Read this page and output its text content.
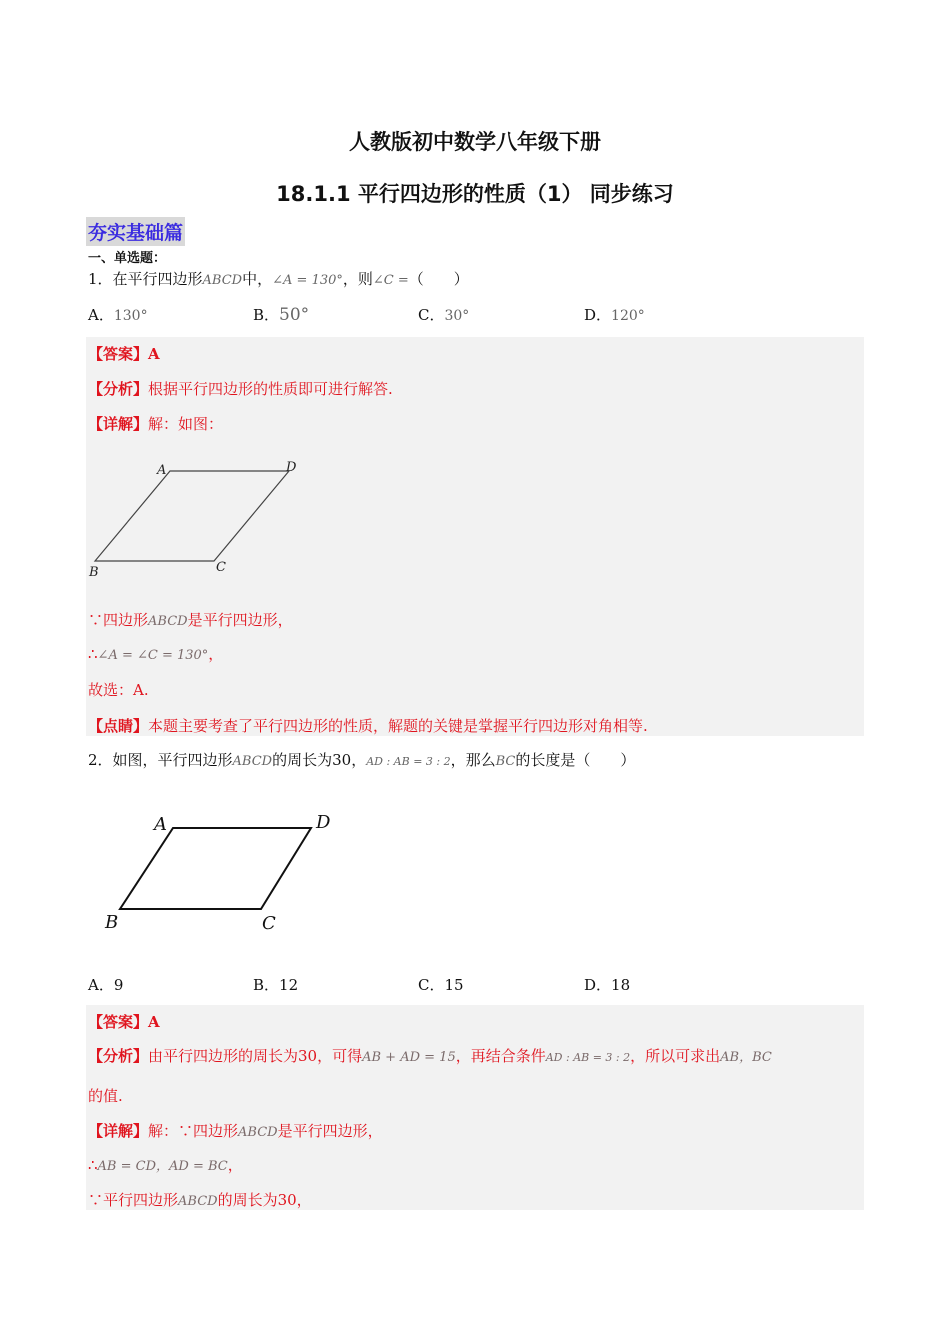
人教版初中数学八年级下册
18.1.1 平行四边形的性质（1） 同步练习
夯实基础篇
一、单选题：
1．在平行四边形ABCD中，∠A = 130°，则∠C =（　　）
A．130°	B．50°	C．30°	D．120°
【答案】A
【分析】根据平行四边形的性质即可进行解答.
【详解】解：如图：
A	D
B	C
∵四边形ABCD是平行四边形，
∴∠A = ∠C = 130°，
故选：A.
【点睛】本题主要考查了平行四边形的性质，解题的关键是掌握平行四边形对角相等.
2．如图，平行四边形ABCD的周长为30，AD : AB = 3 : 2，那么BC的长度是（　　）
A	D
B	C
A．9	B．12	C．15	D．18
【答案】A
【分析】由平行四边形的周长为30，可得AB + AD = 15，再结合条件AD : AB = 3 : 2，所以可求出AB，BC
的值.
【详解】解：∵四边形ABCD是平行四边形，
∴AB = CD，AD = BC，
∵平行四边形ABCD的周长为30，
